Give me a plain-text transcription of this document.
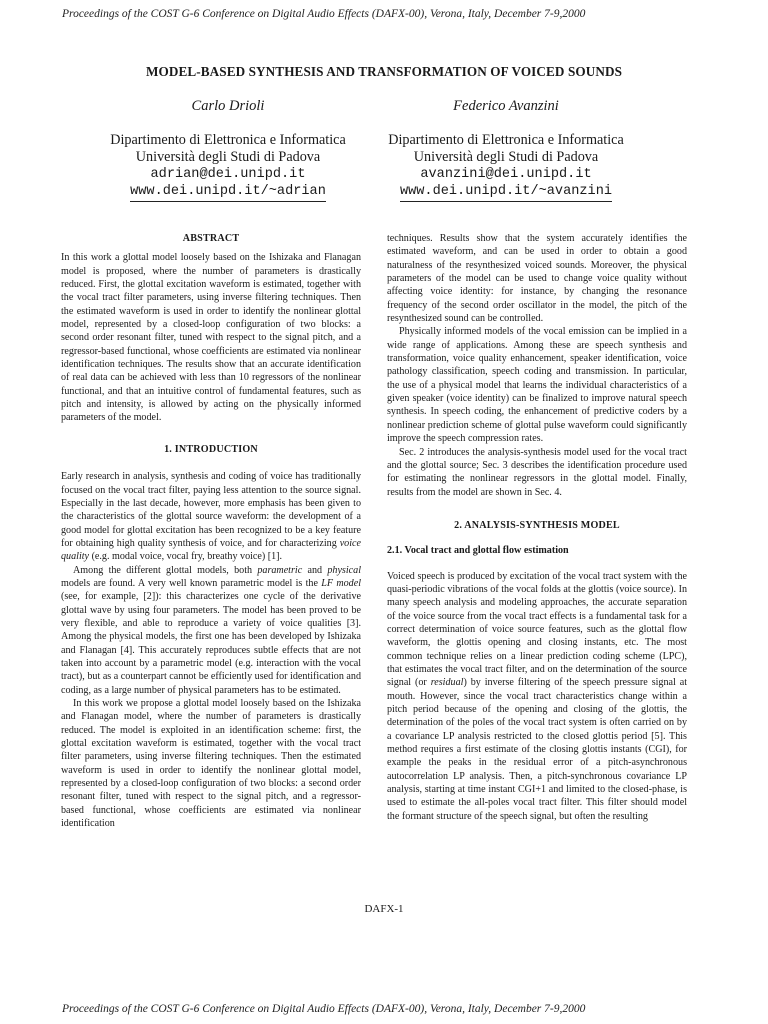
Proceedings of the COST G-6 Conference on Digital Audio Effects (DAFX-00), Verona, Italy, December 7-9,2000
MODEL-BASED SYNTHESIS AND TRANSFORMATION OF VOICED SOUNDS
Carlo Drioli
Dipartimento di Elettronica e Informatica
Università degli Studi di Padova
adrian@dei.unipd.it
www.dei.unipd.it/~adrian
Federico Avanzini
Dipartimento di Elettronica e Informatica
Università degli Studi di Padova
avanzini@dei.unipd.it
www.dei.unipd.it/~avanzini
ABSTRACT

In this work a glottal model loosely based on the Ishizaka and Flanagan model is proposed, where the number of parameters is drastically reduced. First, the glottal excitation waveform is estimated, together with the vocal tract filter parameters, using inverse filtering techniques. Then the estimated waveform is used in order to identify the nonlinear glottal model, represented by a closed-loop configuration of two blocks: a second order resonant filter, tuned with respect to the signal pitch, and a regressor-based functional, whose coefficients are estimated via nonlinear identification techniques. The results show that an accurate identification of real data can be achieved with less than 10 regressors of the nonlinear functional, and that an intuitive control of fundamental features, such as pitch and intensity, is allowed by acting on the physically informed parameters of the model.

1. INTRODUCTION

Early research in analysis, synthesis and coding of voice has traditionally focused on the vocal tract filter, paying less attention to the source signal. Especially in the last decade, however, more emphasis has been given to the characteristics of the glottal source waveform: the development of a good model for glottal excitation has been recognized to be a key feature for obtaining high quality synthesis of voice, and for characterizing voice quality (e.g. modal voice, vocal fry, breathy voice) [1].

Among the different glottal models, both parametric and physical models are found. A very well known parametric model is the LF model (see, for example, [2]): this characterizes one cycle of the derivative glottal wave by using four parameters. The model has been proved to be very flexible, and able to reproduce a variety of voice qualities [3]. Among the physical models, the first one has been developed by Ishizaka and Flanagan [4]. This accurately reproduces subtle effects that are not taken into account by a parametric model (e.g. interaction with the vocal tract), but as a counterpart cannot be efficiently used for identification and coding, as a large number of physical parameters has to be estimated.

In this work we propose a glottal model loosely based on the Ishizaka and Flanagan model, where the number of parameters is drastically reduced. The model is exploited in an identification scheme: first, the glottal excitation waveform is estimated, together with the vocal tract filter parameters, using inverse filtering techniques. Then the estimated waveform is used in order to identify the nonlinear glottal model, represented by a closed-loop configuration of two blocks: a second order resonant filter, tuned with respect to the signal pitch, and a regressor-based functional, whose coefficients are estimated via nonlinear identification

techniques. Results show that the system accurately identifies the estimated waveform, and can be used in order to obtain a good naturalness of the resynthesized voiced sounds. Moreover, the physical parameters of the model can be used to change voice quality without affecting voice identity: for instance, by changing the resonance frequency of the second order oscillator in the model, the pitch of the resynthesized sound can be controlled.

Physically informed models of the vocal emission can be implied in a wide range of applications. Among these are speech synthesis and transformation, voice quality enhancement, speaker identification, voice pathology classification, speech coding and transmission. In particular, the use of a physical model that learns the individual characteristics of a given speaker (voice identity) can be finalized to improve natural speech synthesis. In speech coding, the enhancement of predictive coders by a nonlinear prediction scheme of glottal pulse waveform could significantly improve the speech compression rates.

Sec. 2 introduces the analysis-synthesis model used for the vocal tract and the glottal source; Sec. 3 describes the identification procedure used for estimating the nonlinear regressors in the glottal model. Finally, results from the model are shown in Sec. 4.

2. ANALYSIS-SYNTHESIS MODEL
2.1. Vocal tract and glottal flow estimation

Voiced speech is produced by excitation of the vocal tract system with the quasi-periodic vibrations of the vocal folds at the glottis (voice source). In many speech analysis and modeling approaches, the accurate separation of the voice source from the vocal tract effects is a fundamental task for a correct determination of voice source features, such as the glottal flow waveform, the glottis opening and closing instants, etc. The most common technique relies on a linear prediction coding scheme (LPC), that estimates the vocal tract filter, and on the determination of the source signal (or residual) by inverse filtering of the speech pressure signal at mouth. However, since the vocal tract characteristics change within a pitch period because of the opening and closing of the glottis, the determination of the poles of the vocal tract system is often carried on by a covariance LP analysis restricted to the closed glottis period [5]. This method requires a first estimate of the closing glottis instants (CGI), for example the peaks in the residual error of a pitch-asynchronous autocorrelation LP analysis. Then, a pitch-synchronous covariance LP analysis, starting at time instant CGI+1 and limited to the closed-phase, is used to estimate the all-poles vocal tract filter. This filter should model the formant structure of the speech signal, but often the resulting

DAFX-1
Proceedings of the COST G-6 Conference on Digital Audio Effects (DAFX-00), Verona, Italy, December 7-9,2000
